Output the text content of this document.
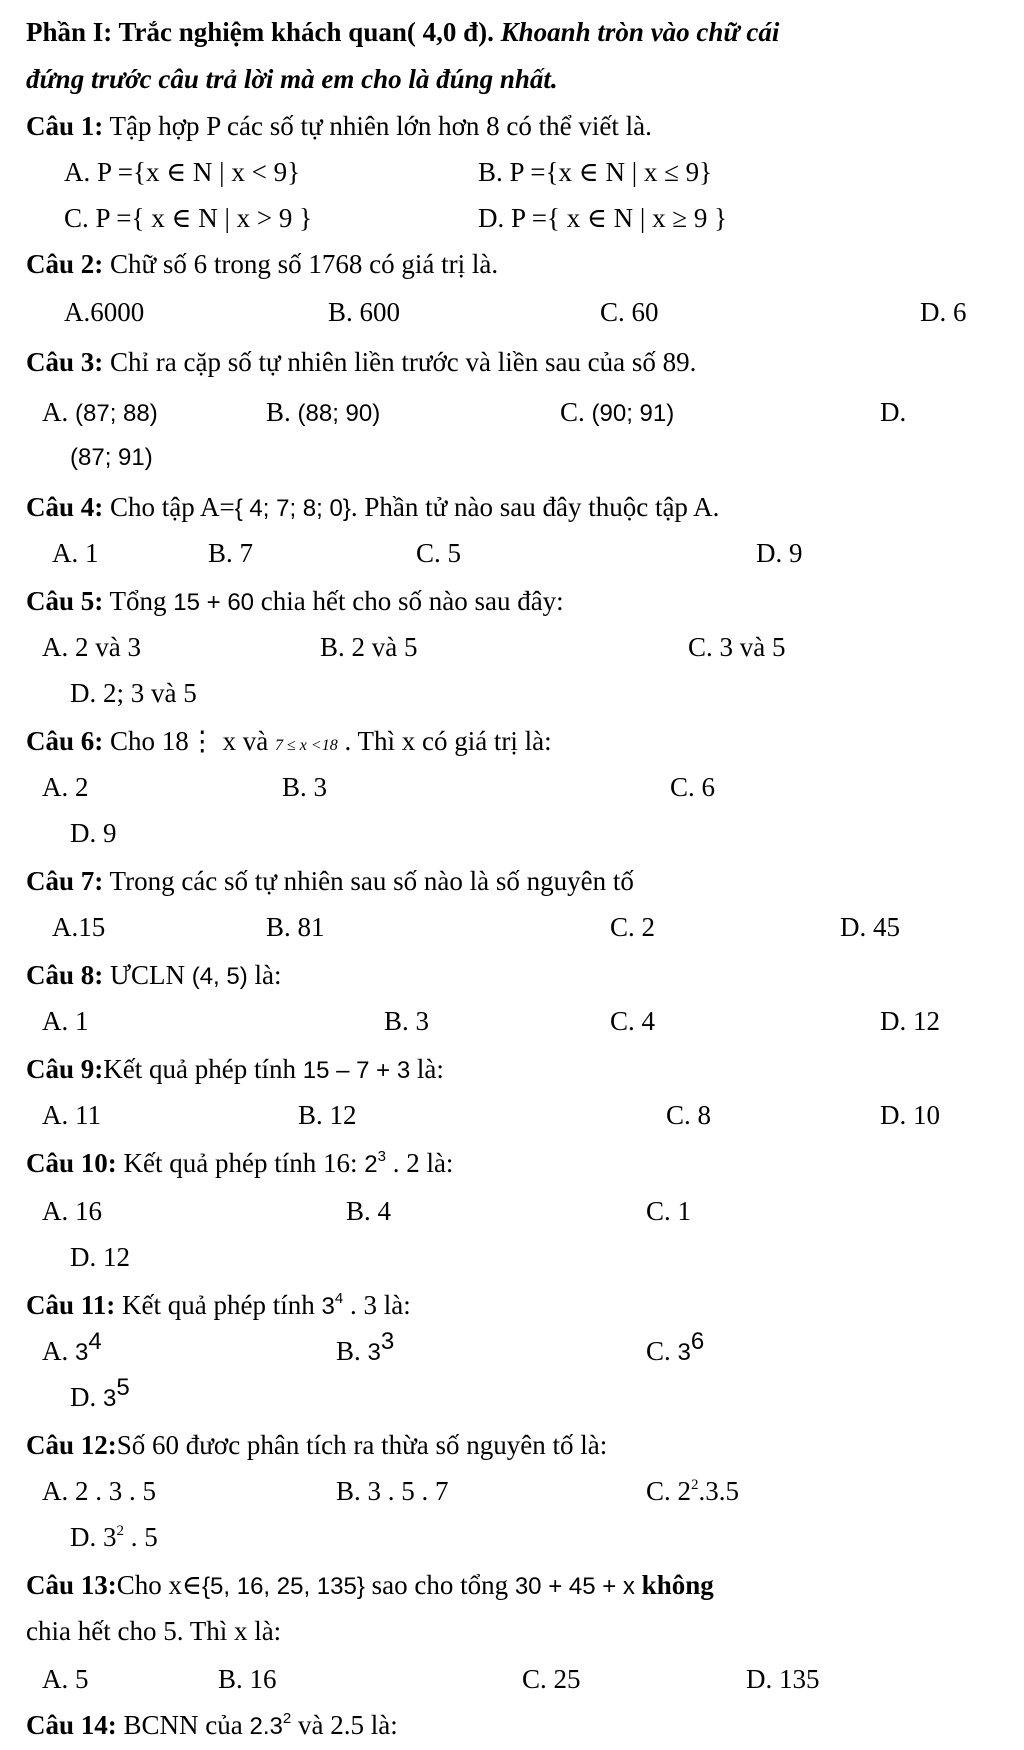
Phần I: Trắc nghiệm khách quan( 4,0 đ). Khoanh tròn vào chữ cái
đứng trước câu trả lời mà em cho là đúng nhất.
Câu 1: Tập hợp P các số tự nhiên lớn hơn 8 có thể viết là.
A. P ={x ∈ N | x < 9}	B. P ={x ∈ N | x ≤ 9}
C. P ={ x ∈ N | x > 9 }	D. P ={ x ∈ N | x ≥ 9 }
Câu 2: Chữ số 6 trong số 1768 có giá trị là.
A.6000	B. 600	C. 60	D. 6
Câu 3: Chỉ ra cặp số tự nhiên liền trước và liền sau của số 89.
A. (87; 88)	B. (88; 90)	C. (90; 91)	D.
(87; 91)
Câu 4: Cho tập A={ 4; 7; 8; 0}. Phần tử nào sau đây thuộc tập A.
A. 1	B. 7	C. 5	D. 9
Câu 5: Tổng 15 + 60 chia hết cho số nào sau đây:
A. 2 và 3	B. 2 và 5	C. 3 và 5
D. 2; 3 và 5
Câu 6: Cho 18⋮ x và 7 ≤ x <18 . Thì x có giá trị là:
A. 2	B. 3	C. 6
D. 9
Câu 7: Trong các số tự nhiên sau số nào là số nguyên tố
A.15	B. 81	C. 2	D. 45
Câu 8: ƯCLN (4, 5) là:
A. 1	B. 3	C. 4	D. 12
Câu 9:Kết quả phép tính 15 – 7 + 3 là:
A. 11	B. 12	C. 8	D. 10
Câu 10: Kết quả phép tính 16: $2^3$ . 2 là:
A. 16	B. 4	C. 1
D. 12
Câu 11: Kết quả phép tính $3^4$ . 3 là:
A. $3^4$	B. $3^3$	C. $3^6$
D. $3^5$
Câu 12:Số 60 đươc phân tích ra thừa số nguyên tố là:
A. 2 . 3 . 5	B. 3 . 5 . 7	C. $2^2.3.5$
D. $3^2$ . 5
Câu 13:Cho x∈{5, 16, 25, 135} sao cho tổng 30 + 45 + x không
chia hết cho 5. Thì x là:
A. 5	B. 16	C. 25	D. 135
Câu 14: BCNN của $2.3^2$ và 2.5 là:
